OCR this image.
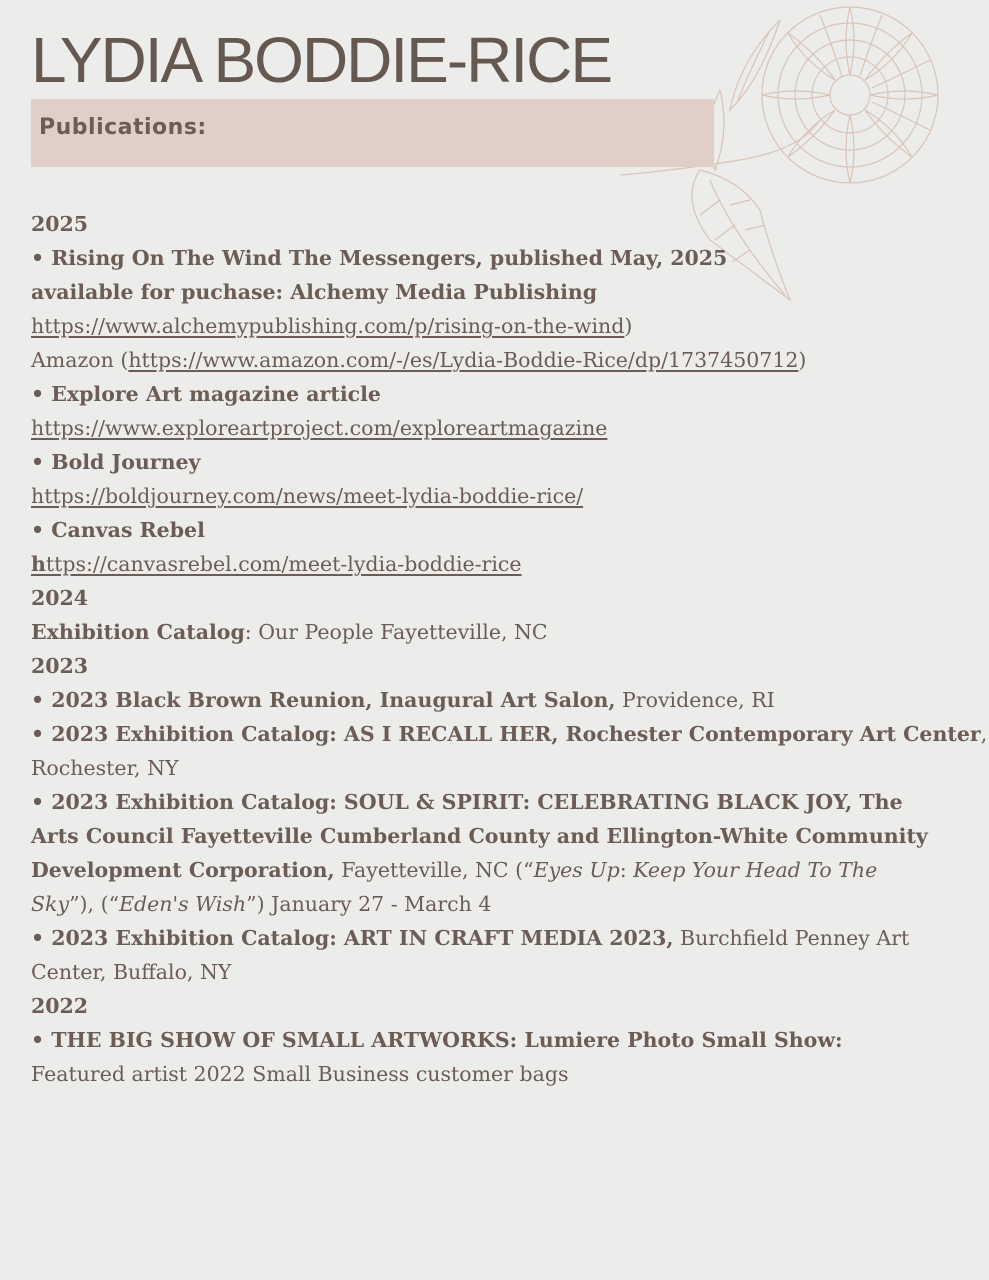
LYDIA BODDIE-RICE
Publications:
2025
• Rising On The Wind The Messengers, published May, 2025
available for puchase: Alchemy Media Publishing
https://www.alchemypublishing.com/p/rising-on-the-wind)
Amazon (https://www.amazon.com/-/es/Lydia-Boddie-Rice/dp/1737450712)
• Explore Art magazine article
https://www.exploreartproject.com/exploreartmagazine
• Bold Journey
https://boldjourney.com/news/meet-lydia-boddie-rice/
• Canvas Rebel
https://canvasrebel.com/meet-lydia-boddie-rice
2024
Exhibition Catalog: Our People Fayetteville, NC
2023
• 2023 Black Brown Reunion, Inaugural Art Salon, Providence, RI
• 2023 Exhibition Catalog: AS I RECALL HER, Rochester Contemporary Art Center,
Rochester, NY
• 2023 Exhibition Catalog: SOUL & SPIRIT: CELEBRATING BLACK JOY, The Arts Council Fayetteville Cumberland County and Ellington-White Community Development Corporation, Fayetteville, NC (“Eyes Up: Keep Your Head To The Sky”), (“Eden's Wish”) January 27 - March 4
• 2023 Exhibition Catalog: ART IN CRAFT MEDIA 2023, Burchfield Penney Art Center, Buffalo, NY
2022
• THE BIG SHOW OF SMALL ARTWORKS: Lumiere Photo Small Show: Featured artist 2022 Small Business customer bags
